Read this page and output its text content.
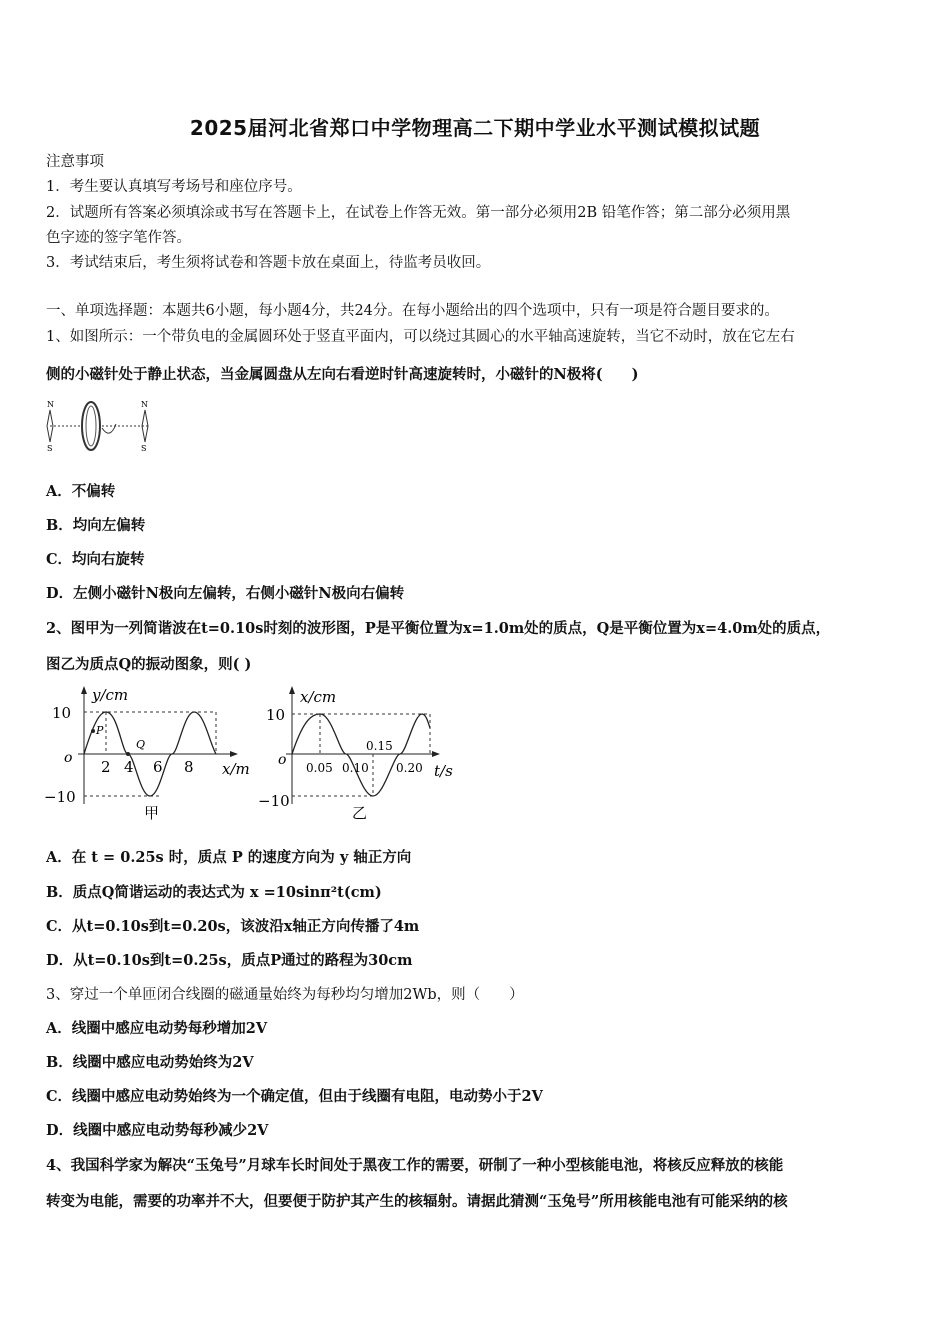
2025届河北省郑口中学物理高二下期中学业水平测试模拟试题
注意事项
1．考生要认真填写考场号和座位序号。
2．试题所有答案必须填涂或书写在答题卡上，在试卷上作答无效。第一部分必须用2B 铅笔作答；第二部分必须用黑
色字迹的签字笔作答。
3．考试结束后，考生须将试卷和答题卡放在桌面上，待监考员收回。
一、单项选择题：本题共6小题，每小题4分，共24分。在每小题给出的四个选项中，只有一项是符合题目要求的。
1、如图所示：一个带负电的金属圆环处于竖直平面内，可以绕过其圆心的水平轴高速旋转，当它不动时，放在它左右
侧的小磁针处于静止状态，当金属圆盘从左向右看逆时针高速旋转时，小磁针的N极将(　　)
N
S
N
S
A．不偏转
B．均向左偏转
C．均向右旋转
D．左侧小磁针N极向左偏转，右侧小磁针N极向右偏转
2、图甲为一列简谐波在t=0.10s时刻的波形图，P是平衡位置为x=1.0m处的质点，Q是平衡位置为x=4.0m处的质点，
图乙为质点Q的振动图象，则( )
y/cm
x/m
10
−10
o
P
Q
2 4 6 8
甲
x/cm
t/s
10
−10
o 0.05 0.10
0.15
0.20
乙
A．在 t = 0.25s 时，质点 P 的速度方向为 y 轴正方向
B．质点Q简谐运动的表达式为 x =10sinπ²t(cm)
C．从t=0.10s到t=0.20s，该波沿x轴正方向传播了4m
D．从t=0.10s到t=0.25s，质点P通过的路程为30cm
3、穿过一个单匝闭合线圈的磁通量始终为每秒均匀增加2Wb，则（　　）
A．线圈中感应电动势每秒增加2V
B．线圈中感应电动势始终为2V
C．线圈中感应电动势始终为一个确定值，但由于线圈有电阻，电动势小于2V
D．线圈中感应电动势每秒减少2V
4、我国科学家为解决“玉兔号”月球车长时间处于黑夜工作的需要，研制了一种小型核能电池，将核反应释放的核能
转变为电能，需要的功率并不大，但要便于防护其产生的核辐射。请据此猜测“玉兔号”所用核能电池有可能采纳的核
